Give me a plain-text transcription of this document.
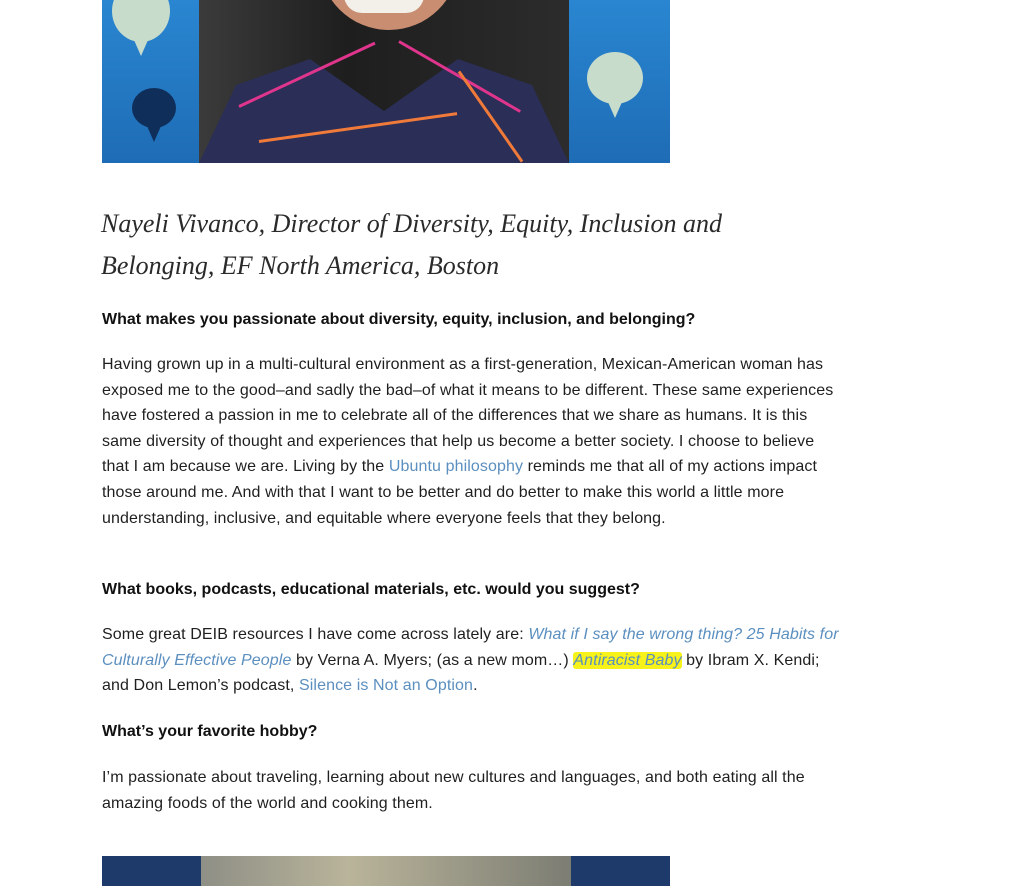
Nayeli Vivanco, Director of Diversity, Equity, Inclusion and Belonging, EF North America, Boston

What makes you passionate about diversity, equity, inclusion, and belonging?

Having grown up in a multi-cultural environment as a first-generation, Mexican-American woman has exposed me to the good–and sadly the bad–of what it means to be different. These same experiences have fostered a passion in me to celebrate all of the differences that we share as humans. It is this same diversity of thought and experiences that help us become a better society. I choose to believe that I am because we are. Living by the Ubuntu philosophy reminds me that all of my actions impact those around me. And with that I want to be better and do better to make this world a little more understanding, inclusive, and equitable where everyone feels that they belong.

What books, podcasts, educational materials, etc. would you suggest?

Some great DEIB resources I have come across lately are: What if I say the wrong thing? 25 Habits for Culturally Effective People by Verna A. Myers; (as a new mom…) Antiracist Baby by Ibram X. Kendi; and Don Lemon’s podcast, Silence is Not an Option.

What’s your favorite hobby?

I’m passionate about traveling, learning about new cultures and languages, and both eating all the amazing foods of the world and cooking them.
